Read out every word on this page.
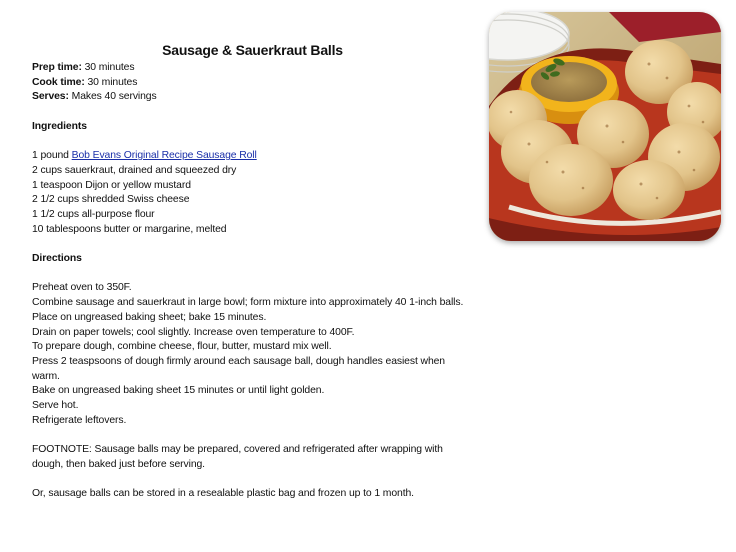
Sausage & Sauerkraut Balls
Prep time: 30 minutes
Cook time: 30 minutes
Serves: Makes 40 servings
Ingredients
1 pound Bob Evans Original Recipe Sausage Roll
2 cups sauerkraut, drained and squeezed dry
1 teaspoon Dijon or yellow mustard
2 1/2 cups shredded Swiss cheese
1 1/2 cups all-purpose flour
10 tablespoons butter or margarine, melted
Directions
Preheat oven to 350F.
Combine sausage and sauerkraut in large bowl; form mixture into approximately 40 1-inch balls.
Place on ungreased baking sheet; bake 15 minutes.
Drain on paper towels; cool slightly. Increase oven temperature to 400F.
To prepare dough, combine cheese, flour, butter, mustard mix well.
Press 2 teaspsoons of dough firmly around each sausage ball, dough handles easiest when warm.
Bake on ungreased baking sheet 15 minutes or until light golden.
Serve hot.
Refrigerate leftovers.
FOOTNOTE: Sausage balls may be prepared, covered and refrigerated after wrapping with dough, then baked just before serving.
Or, sausage balls can be stored in a resealable plastic bag and frozen up to 1 month.
